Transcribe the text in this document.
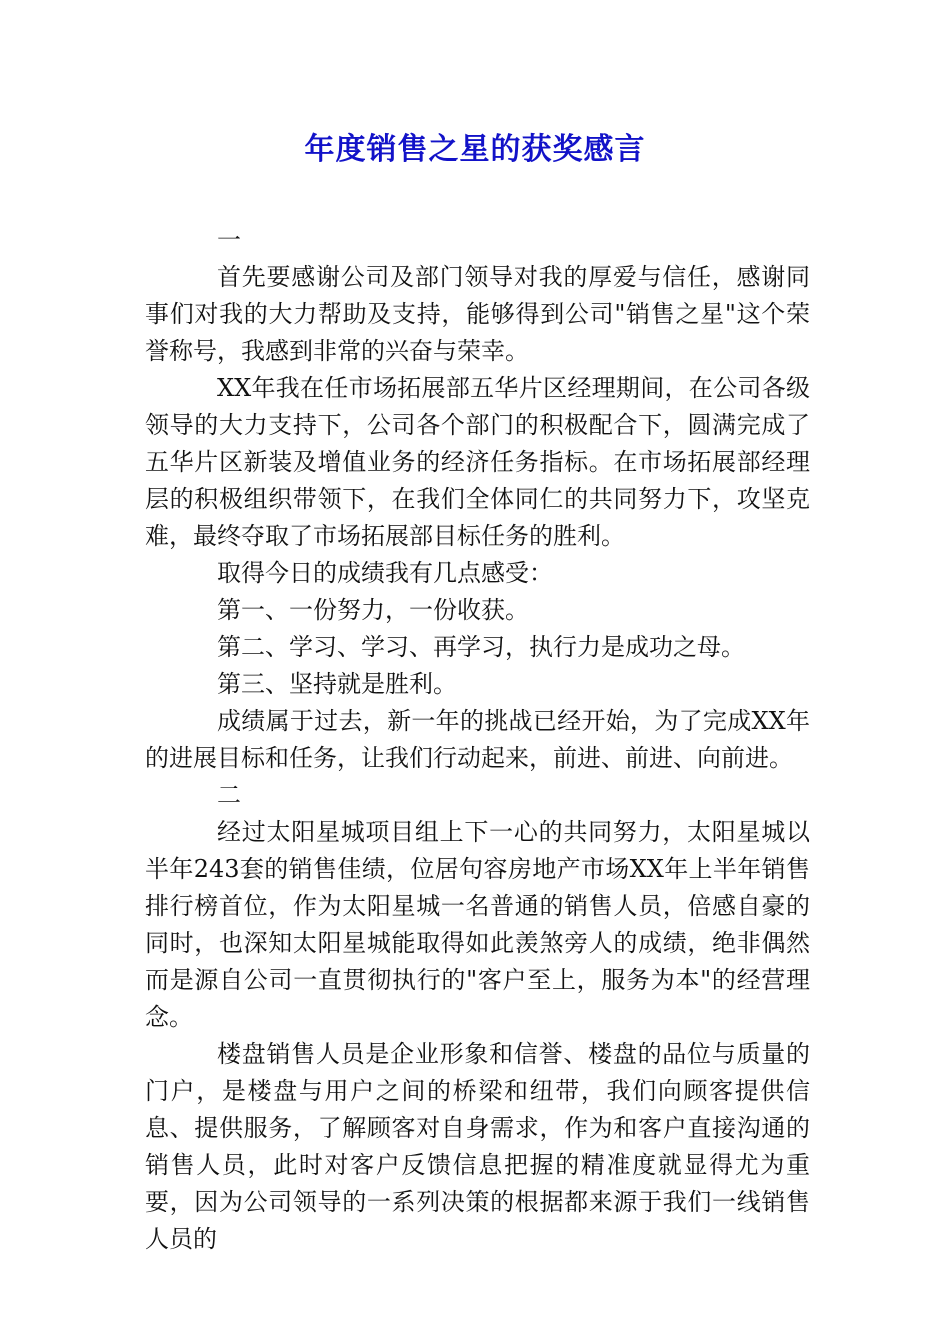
年度销售之星的获奖感言

一

首先要感谢公司及部门领导对我的厚爱与信任，感谢同事们对我的大力帮助及支持，能够得到公司"销售之星"这个荣誉称号，我感到非常的兴奋与荣幸。

XX年我在任市场拓展部五华片区经理期间，在公司各级领导的大力支持下，公司各个部门的积极配合下，圆满完成了五华片区新装及增值业务的经济任务指标。在市场拓展部经理层的积极组织带领下，在我们全体同仁的共同努力下，攻坚克难，最终夺取了市场拓展部目标任务的胜利。

取得今日的成绩我有几点感受：

第一、一份努力，一份收获。

第二、学习、学习、再学习，执行力是成功之母。

第三、坚持就是胜利。

成绩属于过去，新一年的挑战已经开始，为了完成XX年的进展目标和任务，让我们行动起来，前进、前进、向前进。

二

经过太阳星城项目组上下一心的共同努力，太阳星城以半年243套的销售佳绩，位居句容房地产市场XX年上半年销售排行榜首位，作为太阳星城一名普通的销售人员，倍感自豪的同时，也深知太阳星城能取得如此羡煞旁人的成绩，绝非偶然而是源自公司一直贯彻执行的"客户至上，服务为本"的经营理念。

楼盘销售人员是企业形象和信誉、楼盘的品位与质量的门户，是楼盘与用户之间的桥梁和纽带，我们向顾客提供信息、提供服务，了解顾客对自身需求，作为和客户直接沟通的销售人员，此时对客户反馈信息把握的精准度就显得尤为重要，因为公司领导的一系列决策的根据都来源于我们一线销售人员的
